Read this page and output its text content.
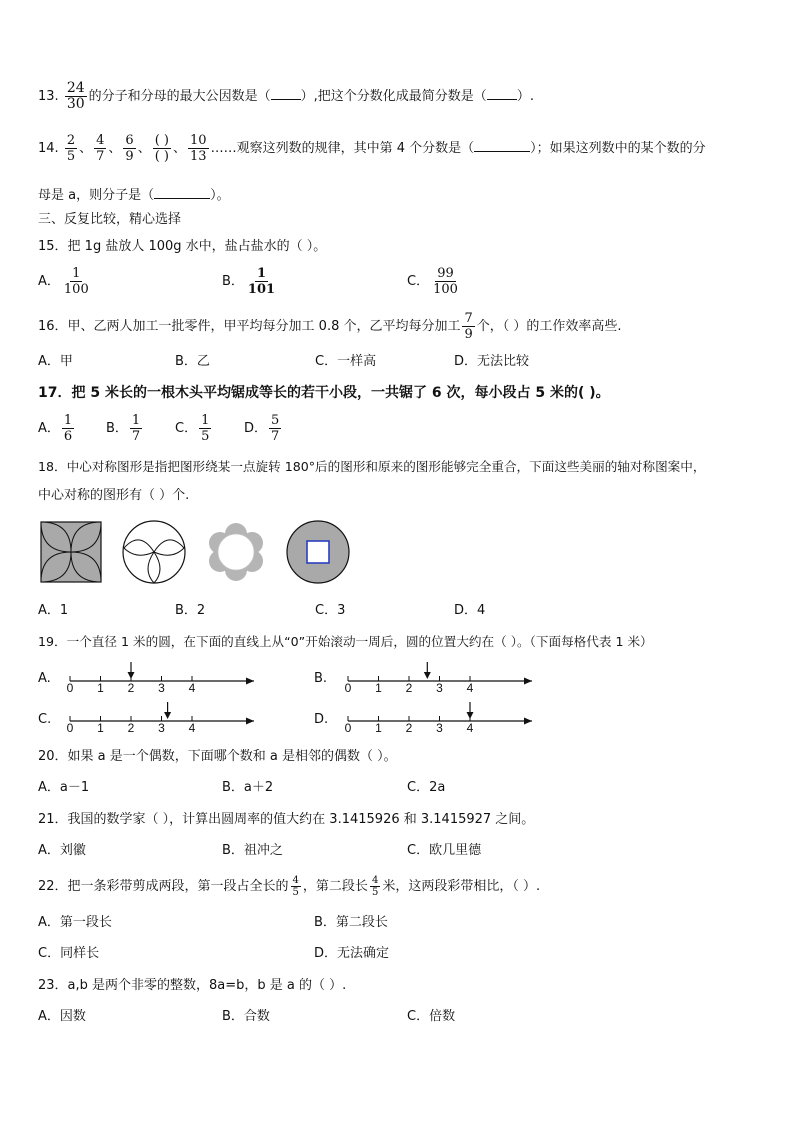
13. $\frac{24}{30}$ 的分子和分母的最大公因数是（ ）,把这个分数化成最简分数是（ ）.
14. $\frac{2}{5}$ 、 $\frac{4}{7}$ 、 $\frac{6}{9}$ 、 $\frac{( )}{( )}$ 、 $\frac{10}{13}$ ……观察这列数的规律，其中第 4 个分数是（	）；如果这列数中的某个数的分
母是 a，则分子是（	）。
三、反复比较，精心选择
15．把 1g 盐放人 100g 水中，盐占盐水的（ ）。
A． $\frac{1}{100}$	B． $\frac{1}{101}$	C． $\frac{99}{100}$
16．甲、乙两人加工一批零件，甲平均每分加工 0.8 个，乙平均每分加工 $\frac{7}{9}$ 个，（ ）的工作效率高些.
A．甲	B．乙	C．一样高	D．无法比较
17．把 5 米长的一根木头平均锯成等长的若干小段，一共锯了 6 次，每小段占 5 米的( )。
A． $\frac{1}{6}$ B． $\frac{1}{7}$	C． $\frac{1}{5}$	D． $\frac{5}{7}$
18．中心对称图形是指把图形绕某一点旋转 180°后的图形和原来的图形能够完全重合，下面这些美丽的轴对称图案中，
中心对称的图形有（ ）个.
A．1	B．2	C．3	D．4
19．一个直径 1 米的圆，在下面的直线上从“0”开始滚动一周后，圆的位置大约在（ ）。（下面每格代表 1 米）
A.	B.
C.	D.
0 1 2 3 4	0 1 2 3 4
0 1 2 3 4	0 1 2 3 4
20．如果 a 是一个偶数，下面哪个数和 a 是相邻的偶数（ ）。
A．a－1	B．a＋2	C．2a
21．我国的数学家（ ），计算出圆周率的值大约在 3.1415926 和 3.1415927 之间。
A．刘徽	B．祖冲之	C．欧几里德
22．把一条彩带剪成两段，第一段占全长的 $\frac{4}{5}$ ，第二段长 $\frac{4}{5}$ 米，这两段彩带相比，（ ）.
A．第一段长	B．第二段长
C．同样长	D．无法确定
23．a,b 是两个非零的整数，8a=b，b 是 a 的（ ）.
A．因数	B．合数	C．倍数
